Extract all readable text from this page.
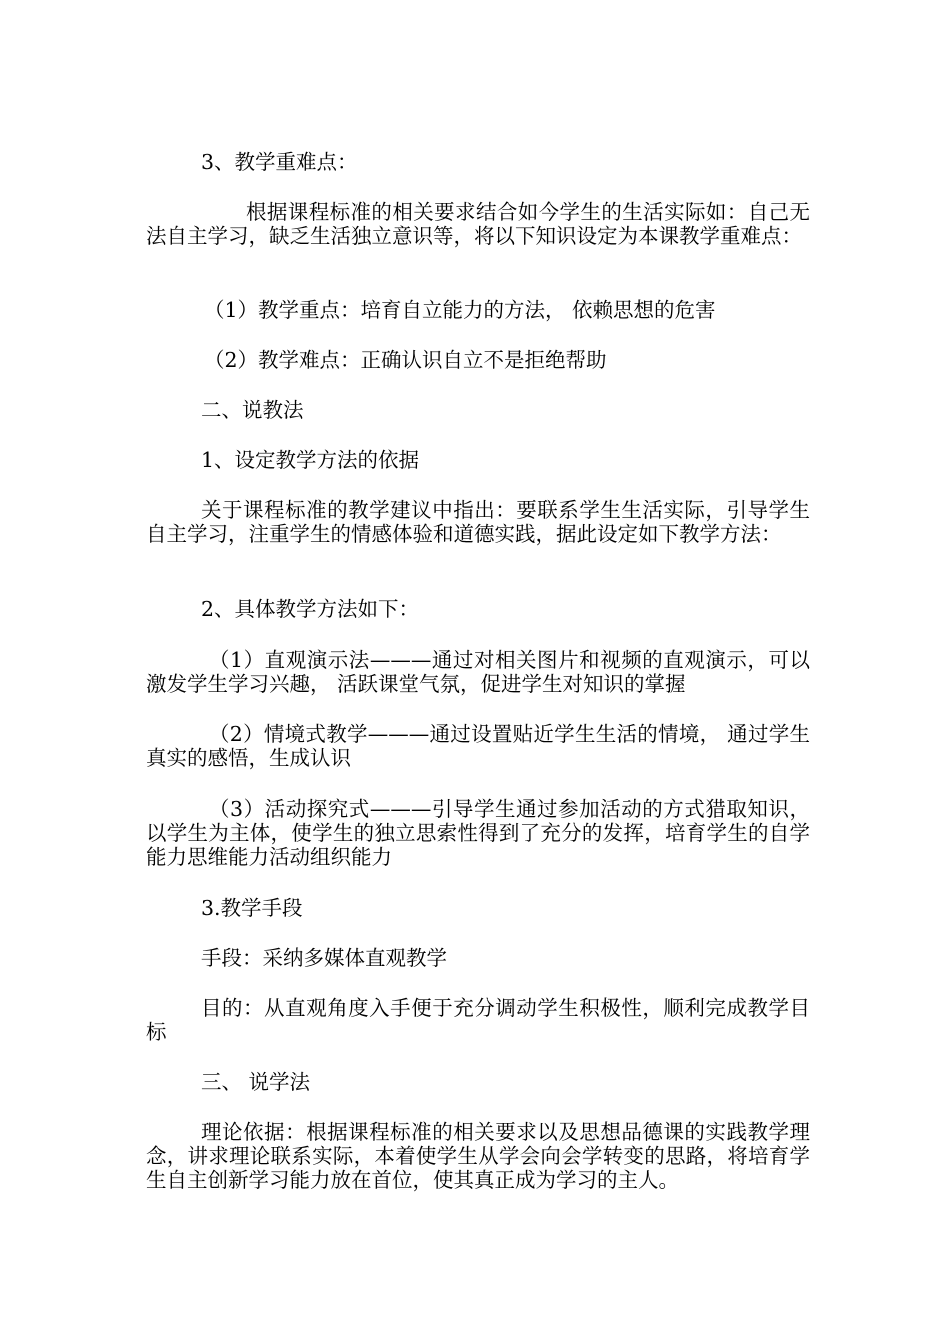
3、教学重难点：

根据课程标准的相关要求结合如今学生的生活实际如：自己无法自主学习，缺乏生活独立意识等，将以下知识设定为本课教学重难点：

（1）教学重点：培育自立能力的方法， 依赖思想的危害

（2）教学难点：正确认识自立不是拒绝帮助

二、说教法

1、设定教学方法的依据

关于课程标准的教学建议中指出：要联系学生生活实际，引导学生自主学习，注重学生的情感体验和道德实践，据此设定如下教学方法：

2、具体教学方法如下：

（1）直观演示法———通过对相关图片和视频的直观演示，可以激发学生学习兴趣， 活跃课堂气氛，促进学生对知识的掌握

（2）情境式教学———通过设置贴近学生生活的情境， 通过学生真实的感悟，生成认识

（3）活动探究式———引导学生通过参加活动的方式猎取知识，以学生为主体，使学生的独立思索性得到了充分的发挥，培育学生的自学能力思维能力活动组织能力

3.教学手段

手段：采纳多媒体直观教学

目的：从直观角度入手便于充分调动学生积极性，顺利完成教学目标

三、 说学法

理论依据：根据课程标准的相关要求以及思想品德课的实践教学理念，讲求理论联系实际，本着使学生从学会向会学转变的思路，将培育学生自主创新学习能力放在首位，使其真正成为学习的主人。
